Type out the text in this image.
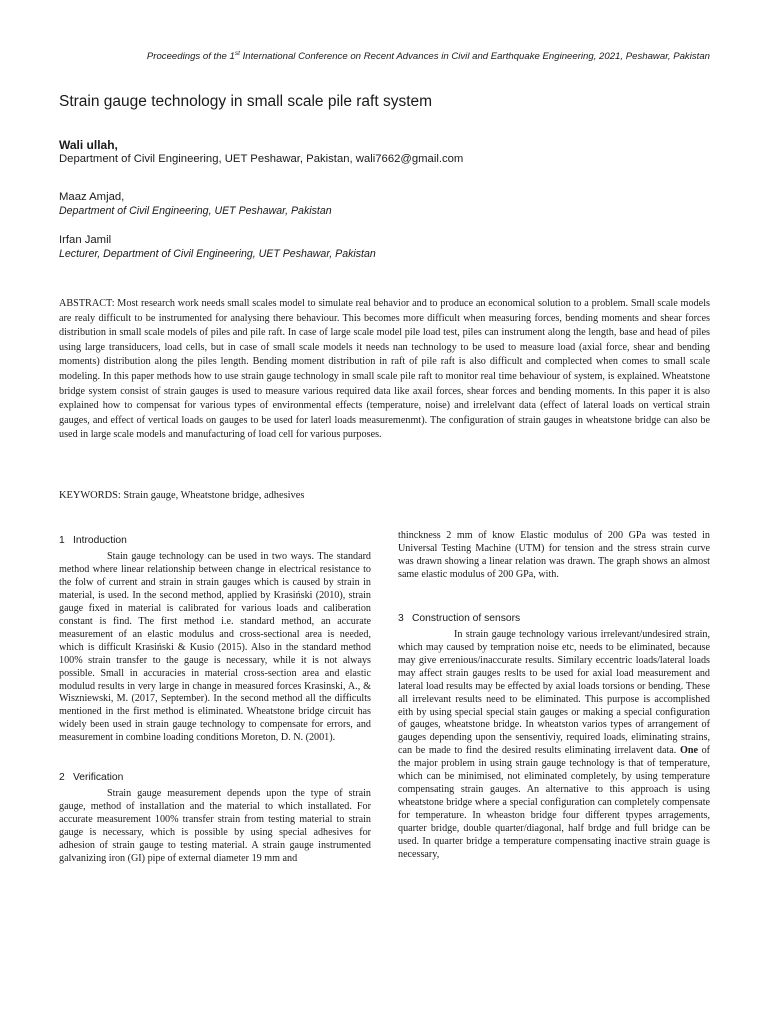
Proceedings of the 1st International Conference on Recent Advances in Civil and Earthquake Engineering, 2021, Peshawar, Pakistan
Strain gauge technology in small scale pile raft system
Wali ullah,
Department of Civil Engineering, UET Peshawar, Pakistan, wali7662@gmail.com
Maaz Amjad,
Department of Civil Engineering, UET Peshawar, Pakistan
Irfan Jamil
Lecturer, Department of Civil Engineering, UET Peshawar, Pakistan
ABSTRACT: Most research work needs small scales model to simulate real behavior and to produce an economical solution to a problem. Small scale models are realy difficult to be instrumented for analysing there behaviour. This becomes more difficult when measuring forces, bending moments and shear forces distribution in small scale models of piles and pile raft. In case of large scale model pile load test, piles can instrument along the length, base and head of piles using large transiducers, load cells, but in case of small scale models it needs nan technology to be used to measure load (axial force, shear and bending moments) distribution along the piles length. Bending moment distribution in raft of pile raft is also difficult and complected when comes to small scale modeling. In this paper methods how to use strain gauge technology in small scale pile raft to monitor real time behaviour of system, is explained. Wheatstone bridge system consist of strain gauges is used to measure various required data like axail forces, shear forces and bending moments. In this paper it is also explained how to compensat for various types of environmental effects (temperature, noise) and irrelelvant data (effect of lateral loads on vertical strain gauges, and effect of vertical loads on gauges to be used for laterl loads measuremenmt). The configuration of strain gauges in wheatstone bridge can also be used in large scale models and manufacturing of load cell for various purposes.
KEYWORDS: Strain gauge, Wheatstone bridge, adhesives
1 Introduction

Stain gauge technology can be used in two ways. The standard method where linear relationship between change in electrical resistance to the folw of current and strain in strain gauges which is caused by strain in material, is used. In the second method, applied by Krasiński (2010), strain gauge fixed in material is calibrated for various loads and caliberation constant is find. The first method i.e. standard method, an accurate measurement of an elastic modulus and cross-sectional area is needed, which is difficult Krasiński & Kusio (2015). Also in the standard method 100% strain transfer to the gauge is necessary, while it is not always possible. Small in accuracies in material cross-section area and elastic modulud results in very large in change in measured forces Krasinski, A., & Wiszniewski, M. (2017, September). In the second method all the difficults mentioned in the first method is eliminated. Wheatstone bridge circuit has widely been used in strain gauge technology to compensate for errors, and measurement in combine loading conditions Moreton, D. N. (2001).

2 Verification

Strain gauge measurement depends upon the type of strain gauge, method of installation and the material to which installated. For accurate measurement 100% transfer strain from testing material to strain gauge is necessary, which is possible by using special adhesives for adhesion of strain gauge to testing material. A strain gauge instrumented galvanizing iron (GI) pipe of external diameter 19 mm and

thinckness 2 mm of know Elastic modulus of 200 GPa was tested in Universal Testing Machine (UTM) for tension and the stress strain curve was drawn showing a linear relation was drawn. The graph shows an almost same elastic modulus of 200 GPa, with.

3 Construction of sensors

In strain gauge technology various irrelevant/undesired strain, which may caused by tempration noise etc, needs to be eliminated, because may give errenious/inaccurate results. Similary eccentric loads/lateral loads may affect strain gauges reslts to be used for axial load measurement and lateral load results may be effected by axial loads torsions or bending. These all irrelevant results need to be eliminated. This purpose is accomplished eith by using special special stain gauges or making a special configuration of gauges, wheatstone bridge. In wheatston varios types of arrangement of gauges depending upon the sensentiviy, required loads, eliminating strains, can be made to find the desired results eliminating irrelavent data. One of the major problem in using strain gauge technology is that of temperature, which can be minimised, not eliminated completely, by using temperature compensating strain gauges. An alternative to this approach is using wheatstone bridge where a special configuration can completely compensate for temperature. In wheaston bridge four different tpypes arragements, quarter bridge, double quarter/diagonal, half brdge and full bridge can be used. In quarter bridge a temperature compensating inactive strain guage is necessary,
